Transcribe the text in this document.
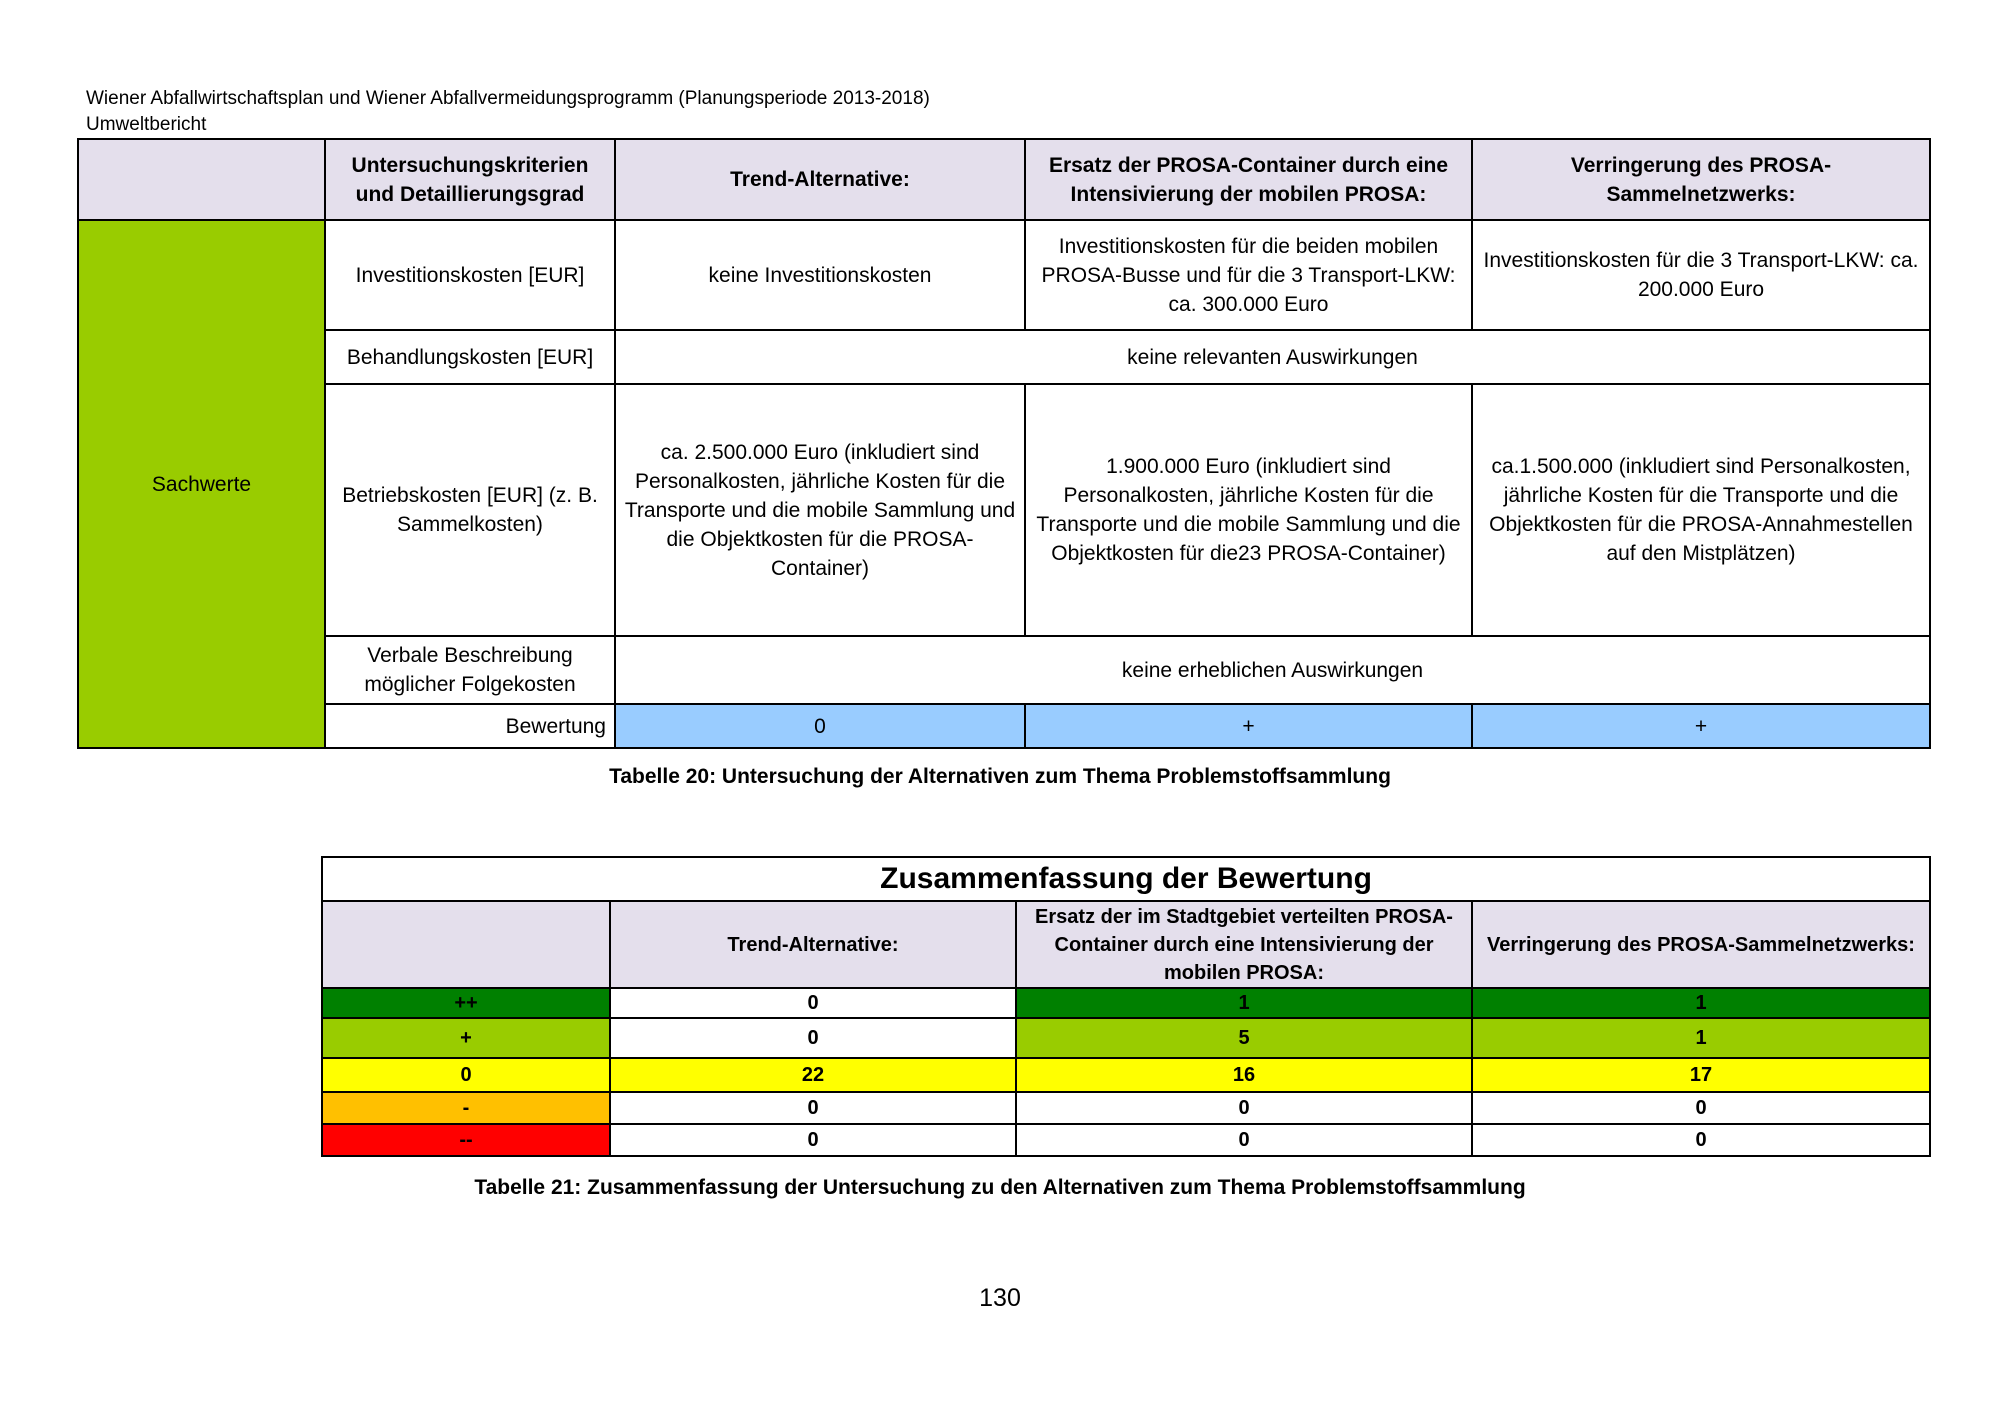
Wiener Abfallwirtschaftsplan und Wiener Abfallvermeidungsprogramm (Planungsperiode 2013-2018)
Umweltbericht
	Untersuchungskriterien und Detaillierungsgrad	Trend-Alternative:	Ersatz der PROSA-Container durch eine Intensivierung der mobilen PROSA:	Verringerung des PROSA-Sammelnetzwerks:
Sachwerte	Investitionskosten [EUR]	keine Investitionskosten	Investitionskosten für die beiden mobilen PROSA-Busse und für die 3 Transport-LKW: ca. 300.000 Euro	Investitionskosten für die 3 Transport-LKW: ca. 200.000 Euro
	Behandlungskosten [EUR]	keine relevanten Auswirkungen		
	Betriebskosten [EUR] (z. B. Sammelkosten)	ca. 2.500.000 Euro (inkludiert sind Personalkosten, jährliche Kosten für die Transporte und die mobile Sammlung und die Objektkosten für die PROSA-Container)	1.900.000 Euro (inkludiert sind Personalkosten, jährliche Kosten für die Transporte und die mobile Sammlung und die Objektkosten für die23 PROSA-Container)	ca.1.500.000 (inkludiert sind Personalkosten, jährliche Kosten für die Transporte und die Objektkosten für die PROSA-Annahmestellen auf den Mistplätzen)
	Verbale Beschreibung möglicher Folgekosten	keine erheblichen Auswirkungen		
	Bewertung	0	+	+
Tabelle 20: Untersuchung der Alternativen zum Thema Problemstoffsammlung
Zusammenfassung der Bewertung			
	Trend-Alternative:	Ersatz der im Stadtgebiet verteilten PROSA-Container durch eine Intensivierung der mobilen PROSA:	Verringerung des PROSA-Sammelnetzwerks:
++	0	1	1
+	0	5	1
0	22	16	17
-	0	0	0
--	0	0	0
Tabelle 21: Zusammenfassung der Untersuchung zu den Alternativen zum Thema Problemstoffsammlung
130
